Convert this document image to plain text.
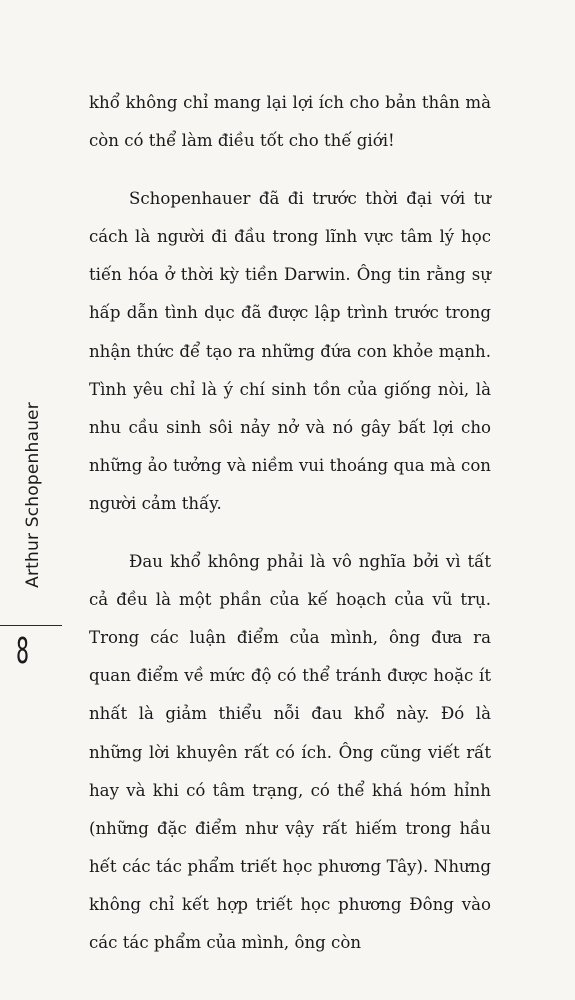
Arthur Schopenhauer
8

khổ không chỉ mang lại lợi ích cho bản thân mà còn có thể làm điều tốt cho thế giới!

Schopenhauer đã đi trước thời đại với tư cách là người đi đầu trong lĩnh vực tâm lý học tiến hóa ở thời kỳ tiền Darwin. Ông tin rằng sự hấp dẫn tình dục đã được lập trình trước trong nhận thức để tạo ra những đứa con khỏe mạnh. Tình yêu chỉ là ý chí sinh tồn của giống nòi, là nhu cầu sinh sôi nảy nở và nó gây bất lợi cho những ảo tưởng và niềm vui thoáng qua mà con người cảm thấy.

Đau khổ không phải là vô nghĩa bởi vì tất cả đều là một phần của kế hoạch của vũ trụ. Trong các luận điểm của mình, ông đưa ra quan điểm về mức độ có thể tránh được hoặc ít nhất là giảm thiểu nỗi đau khổ này. Đó là những lời khuyên rất có ích. Ông cũng viết rất hay và khi có tâm trạng, có thể khá hóm hỉnh (những đặc điểm như vậy rất hiếm trong hầu hết các tác phẩm triết học phương Tây). Nhưng không chỉ kết hợp triết học phương Đông vào các tác phẩm của mình, ông còn
